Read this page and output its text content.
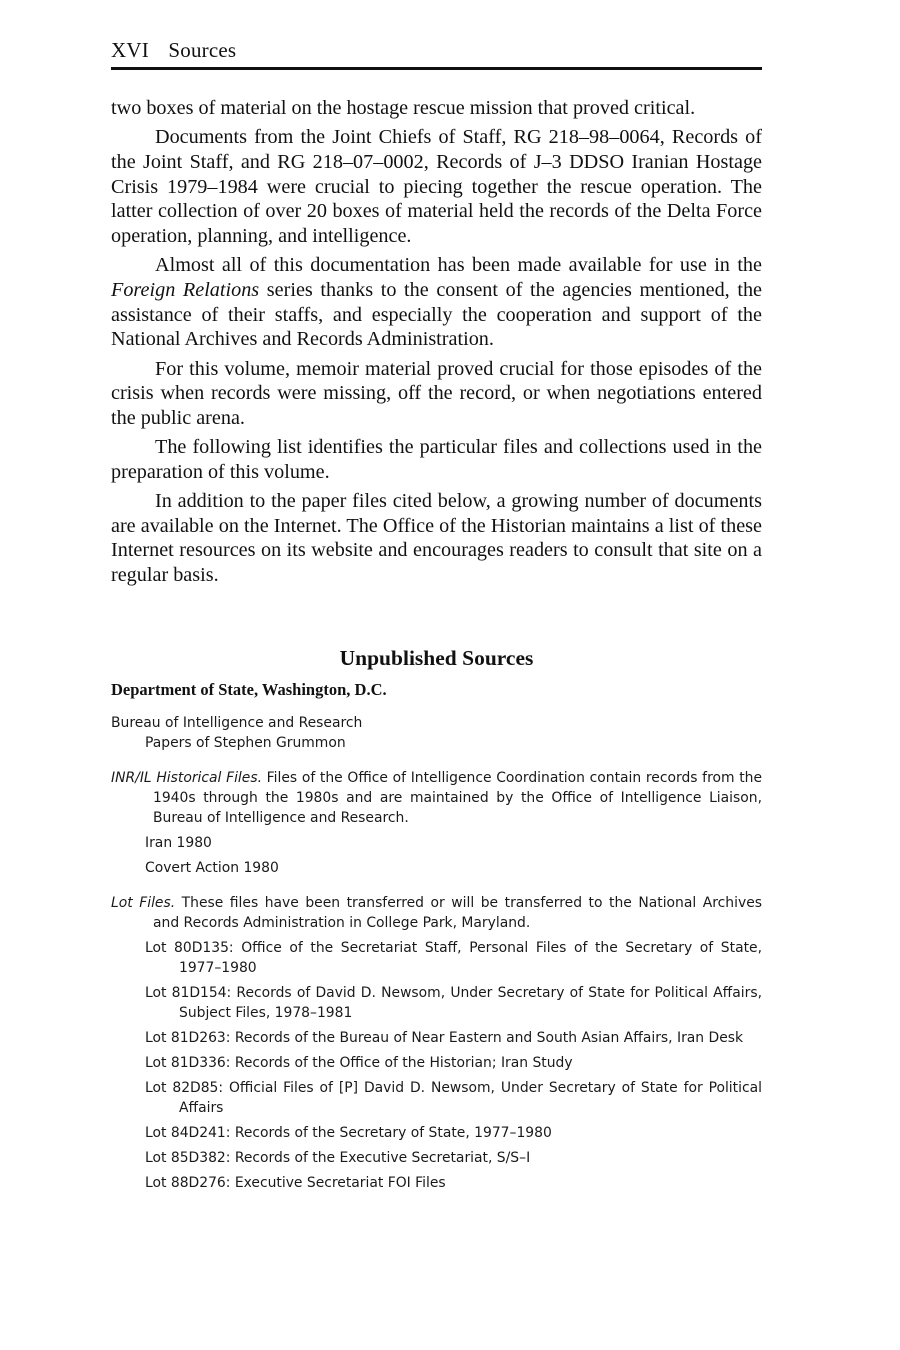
XVI Sources

two boxes of material on the hostage rescue mission that proved critical.

Documents from the Joint Chiefs of Staff, RG 218–98–0064, Records of the Joint Staff, and RG 218–07–0002, Records of J–3 DDSO Iranian Hostage Crisis 1979–1984 were crucial to piecing together the rescue operation. The latter collection of over 20 boxes of material held the records of the Delta Force operation, planning, and intelligence.

Almost all of this documentation has been made available for use in the Foreign Relations series thanks to the consent of the agencies mentioned, the assistance of their staffs, and especially the cooperation and support of the National Archives and Records Administration.

For this volume, memoir material proved crucial for those episodes of the crisis when records were missing, off the record, or when negotiations entered the public arena.

The following list identifies the particular files and collections used in the preparation of this volume.

In addition to the paper files cited below, a growing number of documents are available on the Internet. The Office of the Historian maintains a list of these Internet resources on its website and encourages readers to consult that site on a regular basis.

Unpublished Sources
Department of State, Washington, D.C.

Bureau of Intelligence and Research

Papers of Stephen Grummon

INR/IL Historical Files. Files of the Office of Intelligence Coordination contain records from the 1940s through the 1980s and are maintained by the Office of Intelligence Liaison, Bureau of Intelligence and Research.

Iran 1980

Covert Action 1980

Lot Files. These files have been transferred or will be transferred to the National Archives and Records Administration in College Park, Maryland.

Lot 80D135: Office of the Secretariat Staff, Personal Files of the Secretary of State, 1977–1980

Lot 81D154: Records of David D. Newsom, Under Secretary of State for Political Affairs, Subject Files, 1978–1981

Lot 81D263: Records of the Bureau of Near Eastern and South Asian Affairs, Iran Desk

Lot 81D336: Records of the Office of the Historian; Iran Study

Lot 82D85: Official Files of [P] David D. Newsom, Under Secretary of State for Political Affairs

Lot 84D241: Records of the Secretary of State, 1977–1980

Lot 85D382: Records of the Executive Secretariat, S/S–I

Lot 88D276: Executive Secretariat FOI Files
